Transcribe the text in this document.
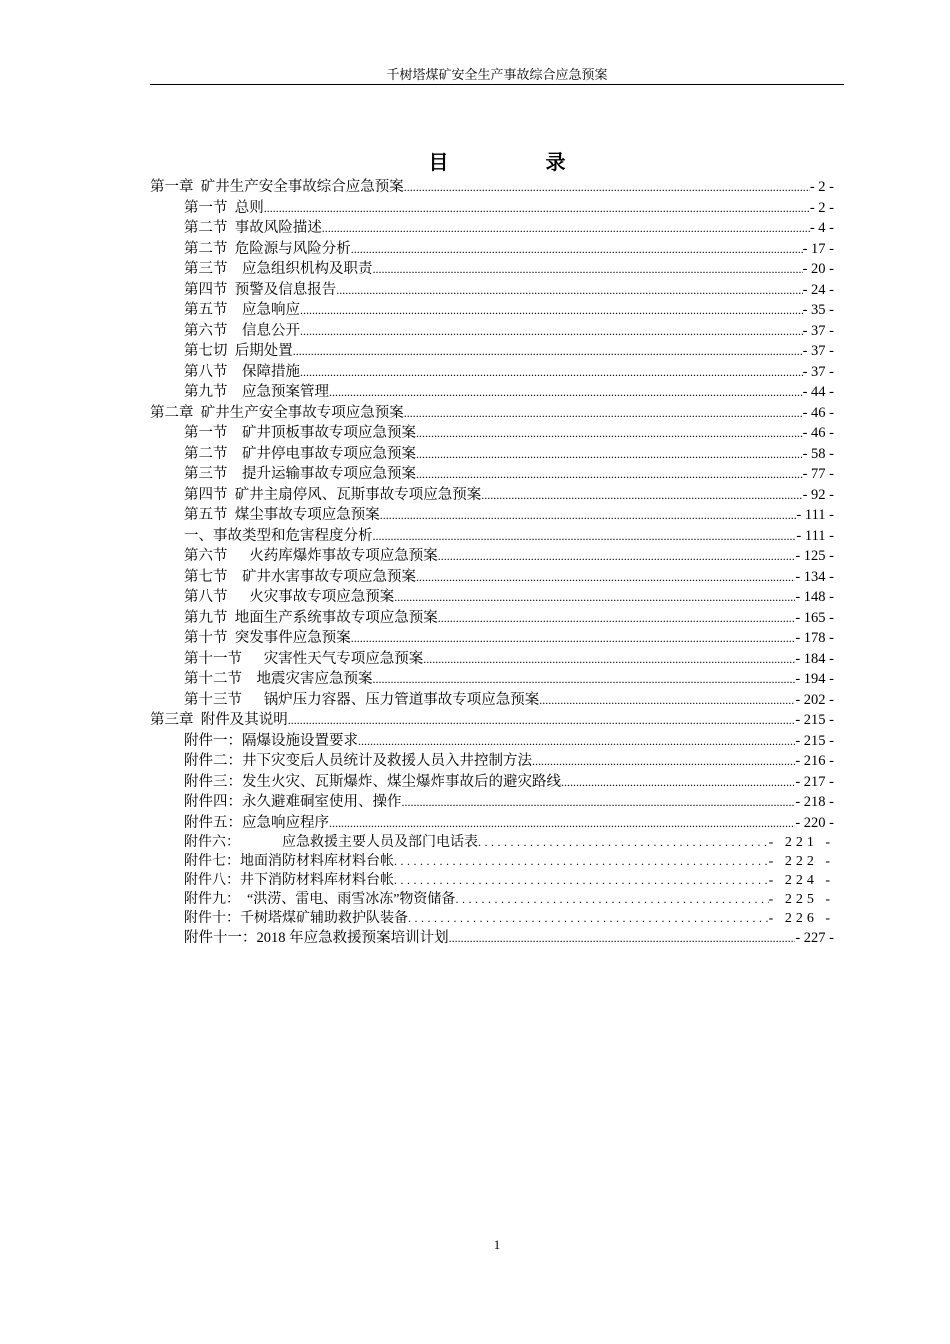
千树塔煤矿安全生产事故综合应急预案
目 录
第一章  矿井生产安全事故综合应急预案 .....	- 2 -
第一节  总则 .....	- 2 -
第二节  事故风险描述 .....	- 4 -
第二节  危险源与风险分析 .....	- 17 -
第三节    应急组织机构及职责 .....	- 20 -
第四节  预警及信息报告 .....	- 24 -
第五节    应急响应 .....	- 35 -
第六节    信息公开 .....	- 37 -
第七切  后期处置 .....	- 37 -
第八节    保障措施 .....	- 37 -
第九节    应急预案管理 .....	- 44 -
第二章  矿井生产安全事故专项应急预案 .....	- 46 -
第一节    矿井顶板事故专项应急预案 .....	- 46 -
第二节    矿井停电事故专项应急预案 .....	- 58 -
第三节    提升运输事故专项应急预案 .....	- 77 -
第四节  矿井主扇停风、瓦斯事故专项应急预案 .....	- 92 -
第五节  煤尘事故专项应急预案 .....	- 111 -
一、事故类型和危害程度分析 .....	- 111 -
第六节      火药库爆炸事故专项应急预案 .....	- 125 -
第七节    矿井水害事故专项应急预案 .....	- 134 -
第八节      火灾事故专项应急预案 .....	- 148 -
第九节  地面生产系统事故专项应急预案 .....	- 165 -
第十节  突发事件应急预案 .....	- 178 -
第十一节      灾害性天气专项应急预案 .....	- 184 -
第十二节    地震灾害应急预案 .....	- 194 -
第十三节      锅炉压力容器、压力管道事故专项应急预案 .....	- 202 -
第三章  附件及其说明 .....	- 215 -
附件一：隔爆设施设置要求 .....	- 215 -
附件二：井下灾变后人员统计及救援人员入井控制方法 .....	- 216 -
附件三：发生火灾、瓦斯爆炸、煤尘爆炸事故后的避灾路线 .....	- 217 -
附件四：永久避难硐室使用、操作 .....	- 218 -
附件五：应急响应程序 .....	- 220 -
附件六：            应急救援主要人员及部门电话表 .....	- 221 -
附件七：地面消防材料库材料台帐 .....	- 222 -
附件八：井下消防材料库材料台帐 .....	- 224 -
附件九：  “洪涝、雷电、雨雪冰冻”物资储备 .....	- 225 -
附件十：千树塔煤矿辅助救护队装备 .....	- 226 -
附件十一：2018 年应急救援预案培训计划 .....	- 227 -
1
